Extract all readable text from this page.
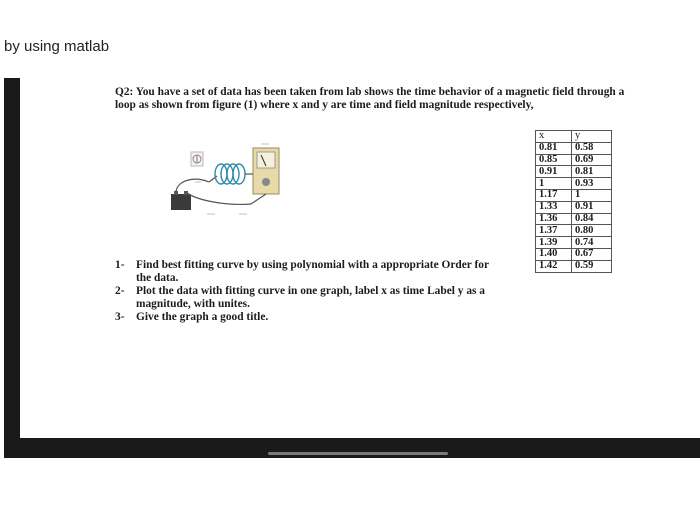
by using matlab

Q2: You have a set of data has been taken from lab shows the time behavior of a magnetic field through a loop as shown from figure (1) where x and y are time and field magnitude respectively,

x	y
0.81	0.58
0.85	0.69
0.91	0.81
1	0.93
1.17	1
1.33	0.91
1.36	0.84
1.37	0.80
1.39	0.74
1.40	0.67
1.42	0.59
1- Find best fitting curve by using polynomial with a appropriate Order for the data.
2- Plot the data with fitting curve in one graph, label x as time Label y as a magnitude, with unites.
3- Give the graph a good title.
